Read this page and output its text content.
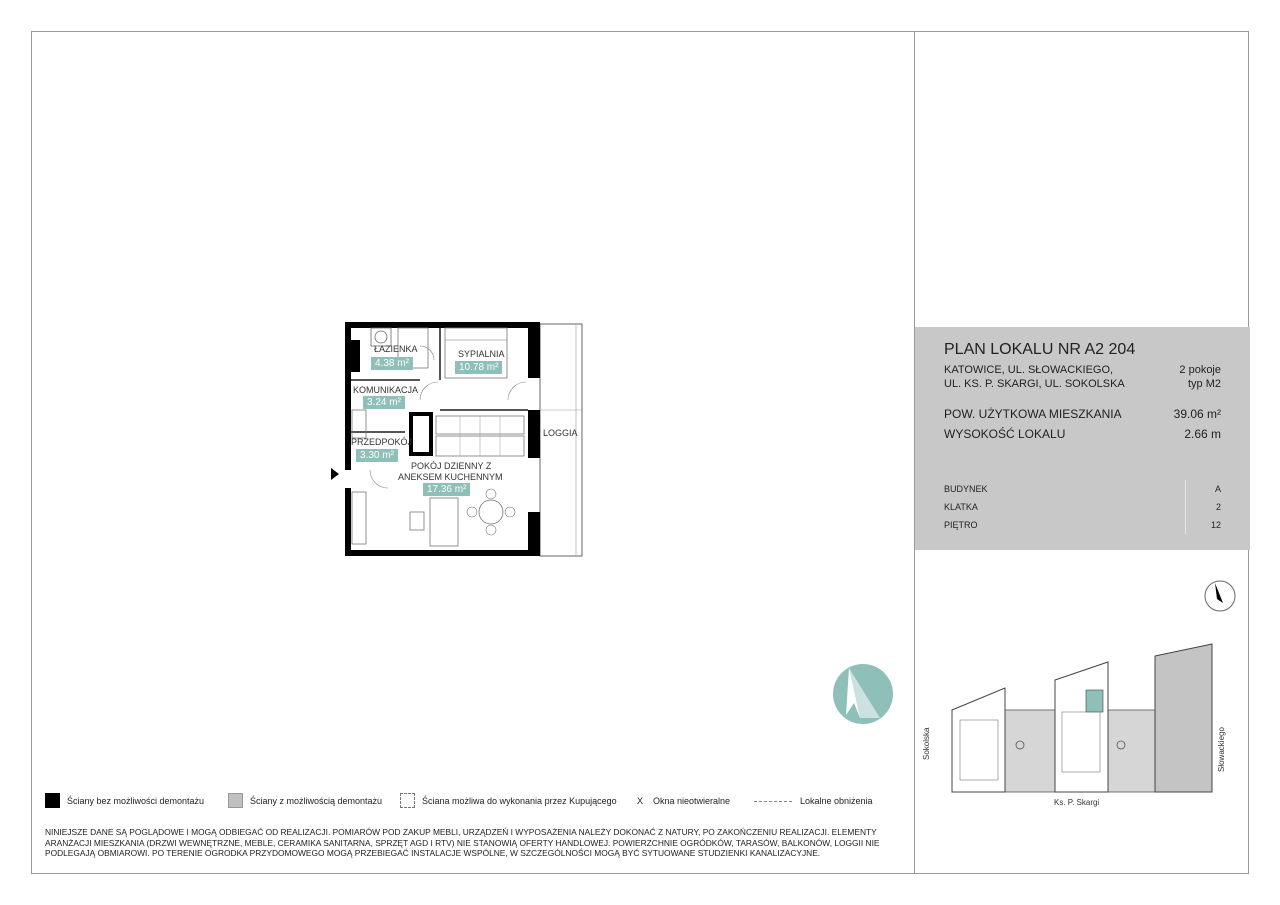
ŁAZIENKA
4.38 m²
SYPIALNIA
10.78 m²
KOMUNIKACJA
3.24 m²
PRZEDPOKÓJ
3.30 m²
POKÓJ DZIENNY Z
ANEKSEM KUCHENNYM
17.36 m²
LOGGIA
PLAN LOKALU NR A2 204
KATOWICE, UL. SŁOWACKIEGO,
UL. KS. P. SKARGI, UL. SOKOLSKA
2 pokoje
typ M2
POW. UŻYTKOWA MIESZKANIA	39.06 m²
WYSOKOŚĆ LOKALU	2.66 m
BUDYNEK	A
KLATKA	2
PIĘTRO	12
Sokolska
Ks. P. Skargi
Słowackiego
Ściany bez możliwości demontażu	Ściany z możliwością demontażu	Ściana możliwa do wykonania przez Kupującego X Okna nieotwieralne	Lokalne obniżenia
NINIEJSZE DANE SĄ POGLĄDOWE I MOGĄ ODBIEGAĆ OD REALIZACJI. POMIARÓW POD ZAKUP MEBLI, URZĄDZEŃ I WYPOSAŻENIA NALEŻY DOKONAĆ Z NATURY, PO ZAKOŃCZENIU REALIZACJI. ELEMENTY ARANŻACJI MIESZKANIA (DRZWI WEWNĘTRZNE, MEBLE, CERAMIKA SANITARNA, SPRZĘT AGD I RTV) NIE STANOWIĄ OFERTY HANDLOWEJ. POWIERZCHNIE OGRÓDKÓW, TARASÓW, BALKONÓW, LOGGII NIE PODLEGAJĄ OBMIAROWI. PO TERENIE OGRODKA PRZYDOMOWEGO MOGĄ PRZEBIEGAĆ INSTALACJE WSPÓLNE, W SZCZEGÓLNOŚCI MOGĄ BYĆ SYTUOWANE STUDZIENKI KANALIZACYJNE.
